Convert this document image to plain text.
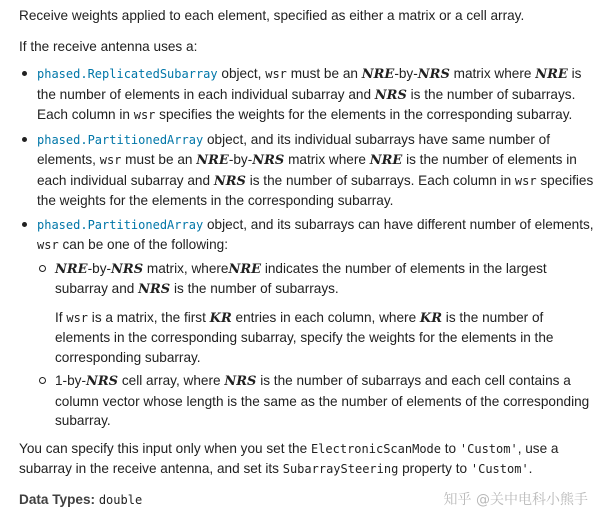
Receive weights applied to each element, specified as either a matrix or a cell array.

If the receive antenna uses a:

phased.ReplicatedSubarray object, wsr must be an NRE-by-NRS matrix where NRE is the number of elements in each individual subarray and NRS is the number of subarrays. Each column in wsr specifies the weights for the elements in the corresponding subarray.
phased.PartitionedArray object, and its individual subarrays have same number of elements, wsr must be an NRE-by-NRS matrix where NRE is the number of elements in each individual subarray and NRS is the number of subarrays. Each column in wsr specifies the weights for the elements in the corresponding subarray.
phased.PartitionedArray object, and its subarrays can have different number of elements, wsr can be one of the following:
NRE-by-NRS matrix, whereNRE indicates the number of elements in the largest subarray and NRS is the number of subarrays.

If wsr is a matrix, the first KR entries in each column, where KR is the number of elements in the corresponding subarray, specify the weights for the elements in the corresponding subarray.

1-by-NRS cell array, where NRS is the number of subarrays and each cell contains a column vector whose length is the same as the number of elements of the corresponding subarray.

You can specify this input only when you set the ElectronicScanMode to 'Custom', use a subarray in the receive antenna, and set its SubarraySteering property to 'Custom'.

Data Types: double	知乎 @关中电科小熊手
